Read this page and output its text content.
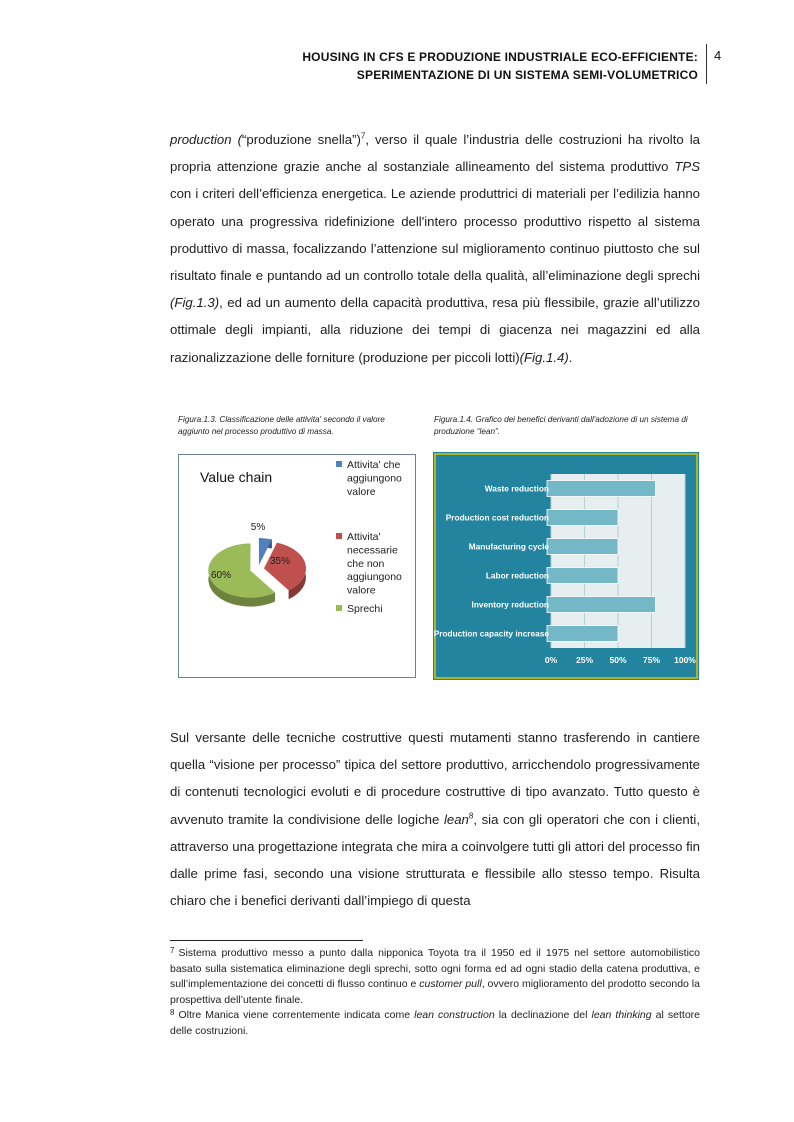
HOUSING IN CFS E PRODUZIONE INDUSTRIALE ECO-EFFICIENTE:
SPERIMENTAZIONE DI UN SISTEMA SEMI-VOLUMETRICO
4
production (“produzione snella”)$^7$, verso il quale l’industria delle costruzioni ha rivolto la propria attenzione grazie anche al sostanziale allineamento del sistema produttivo TPS con i criteri dell’efficienza energetica. Le aziende produttrici di materiali per l’edilizia hanno operato una progressiva ridefinizione dell'intero processo produttivo rispetto al sistema produttivo di massa, focalizzando l’attenzione sul miglioramento continuo piuttosto che sul risultato finale e puntando ad un controllo totale della qualità, all’eliminazione degli sprechi (Fig.1.3), ed ad un aumento della capacità produttiva, resa più flessibile, grazie all’utilizzo ottimale degli impianti, alla riduzione dei tempi di giacenza nei magazzini ed alla razionalizzazione delle forniture (produzione per piccoli lotti)(Fig.1.4).
Figura.1.3. Classificazione delle attivita' secondo il valore aggiunto nel processo produttivo di massa.
Figura.1.4. Grafico dei benefici derivanti dall'adozione di un sistema di produzione “lean”.
Value chain
5%
35%
60%
Attivita' che aggiungono valore
Attivita' necessarie che non aggiungono valore
Sprechi
Waste reduction
Production cost reduction
Manufacturing cycle
Labor reduction
Inventory reduction
Production capacity increase
0% 25% 50% 75% 100%
Sul versante delle tecniche costruttive questi mutamenti stanno trasferendo in cantiere quella “visione per processo” tipica del settore produttivo, arricchendolo progressivamente di contenuti tecnologici evoluti e di procedure costruttive di tipo avanzato. Tutto questo è avvenuto tramite la condivisione delle logiche lean$^8$, sia con gli operatori che con i clienti, attraverso una progettazione integrata che mira a coinvolgere tutti gli attori del processo fin dalle prime fasi, secondo una visione strutturata e flessibile allo stesso tempo. Risulta chiaro che i benefici derivanti dall’impiego di questa

$^7$ Sistema produttivo messo a punto dalla nipponica Toyota tra il 1950 ed il 1975 nel settore automobilistico basato sulla sistematica eliminazione degli sprechi, sotto ogni forma ed ad ogni stadio della catena produttiva, e sull’implementazione dei concetti di flusso continuo e customer pull, ovvero miglioramento del prodotto secondo la prospettiva dell’utente finale.

$^8$ Oltre Manica viene correntemente indicata come lean construction la declinazione del lean thinking al settore delle costruzioni.
